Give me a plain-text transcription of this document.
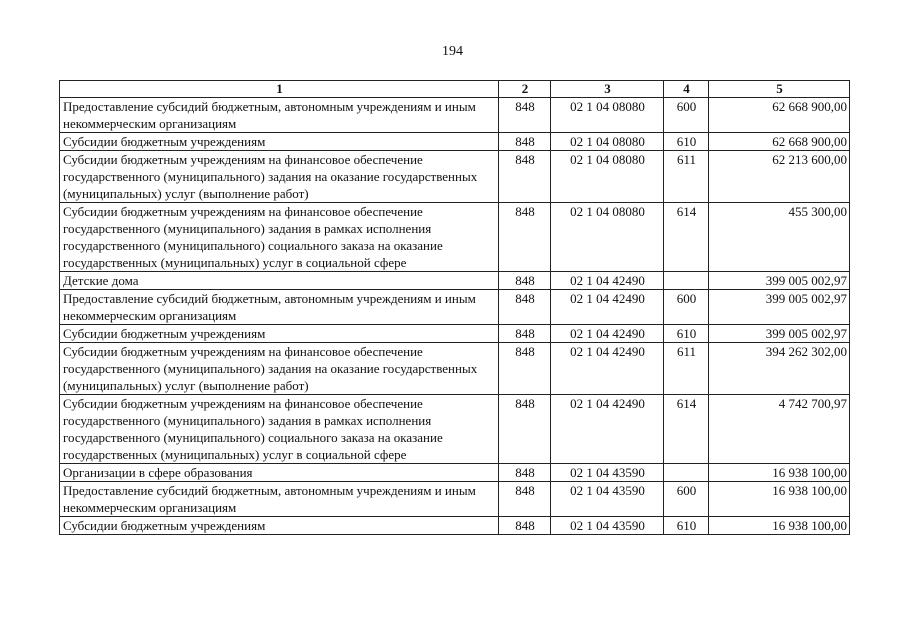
194
1	2	3	4	5
Предоставление субсидий бюджетным, автономным учреждениям и иным некоммерческим организациям	848	02 1 04 08080	600	62 668 900,00
Субсидии бюджетным учреждениям	848	02 1 04 08080	610	62 668 900,00
Субсидии бюджетным учреждениям на финансовое обеспечение государственного (муниципального) задания на оказание государственных (муниципальных) услуг (выполнение работ)	848	02 1 04 08080	611	62 213 600,00
Субсидии бюджетным учреждениям на финансовое обеспечение государственного (муниципального) задания в рамках исполнения государственного (муниципального) социального заказа на оказание государственных (муниципальных) услуг в социальной сфере	848	02 1 04 08080	614	455 300,00
Детские дома	848	02 1 04 42490		399 005 002,97
Предоставление субсидий бюджетным, автономным учреждениям и иным некоммерческим организациям	848	02 1 04 42490	600	399 005 002,97
Субсидии бюджетным учреждениям	848	02 1 04 42490	610	399 005 002,97
Субсидии бюджетным учреждениям на финансовое обеспечение государственного (муниципального) задания на оказание государственных (муниципальных) услуг (выполнение работ)	848	02 1 04 42490	611	394 262 302,00
Субсидии бюджетным учреждениям на финансовое обеспечение государственного (муниципального) задания в рамках исполнения государственного (муниципального) социального заказа на оказание государственных (муниципальных) услуг в социальной сфере	848	02 1 04 42490	614	4 742 700,97
Организации в сфере образования	848	02 1 04 43590		16 938 100,00
Предоставление субсидий бюджетным, автономным учреждениям и иным некоммерческим организациям	848	02 1 04 43590	600	16 938 100,00
Субсидии бюджетным учреждениям	848	02 1 04 43590	610	16 938 100,00
